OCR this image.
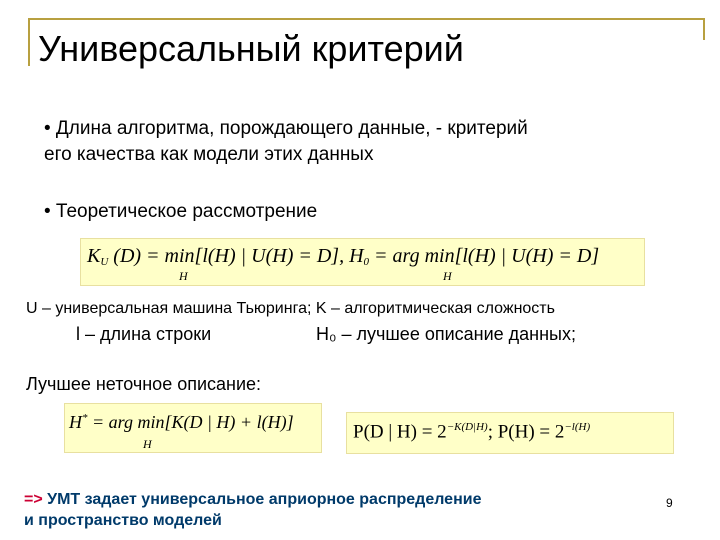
Универсальный критерий
• Длина алгоритма, порождающего данные, - критерий
его качества как модели этих данных
• Теоретическое рассмотрение
KU (D) = min[l(H) | U(H) = D], H0 = arg min[l(H) | U(H) = D]
H	H
U – универсальная машина Тьюринга; K – алгоритмическая сложность
l – длина строки	H₀ – лучшее описание данных;
Лучшее неточное описание:
H* = arg min[K(D | H) + l(H)]
H
P(D | $H) = 2^{-K(D|H)}$; $P(H) = 2^{-l(H)}$
=> УМТ задает универсальное априорное распределение
и пространство моделей
9
